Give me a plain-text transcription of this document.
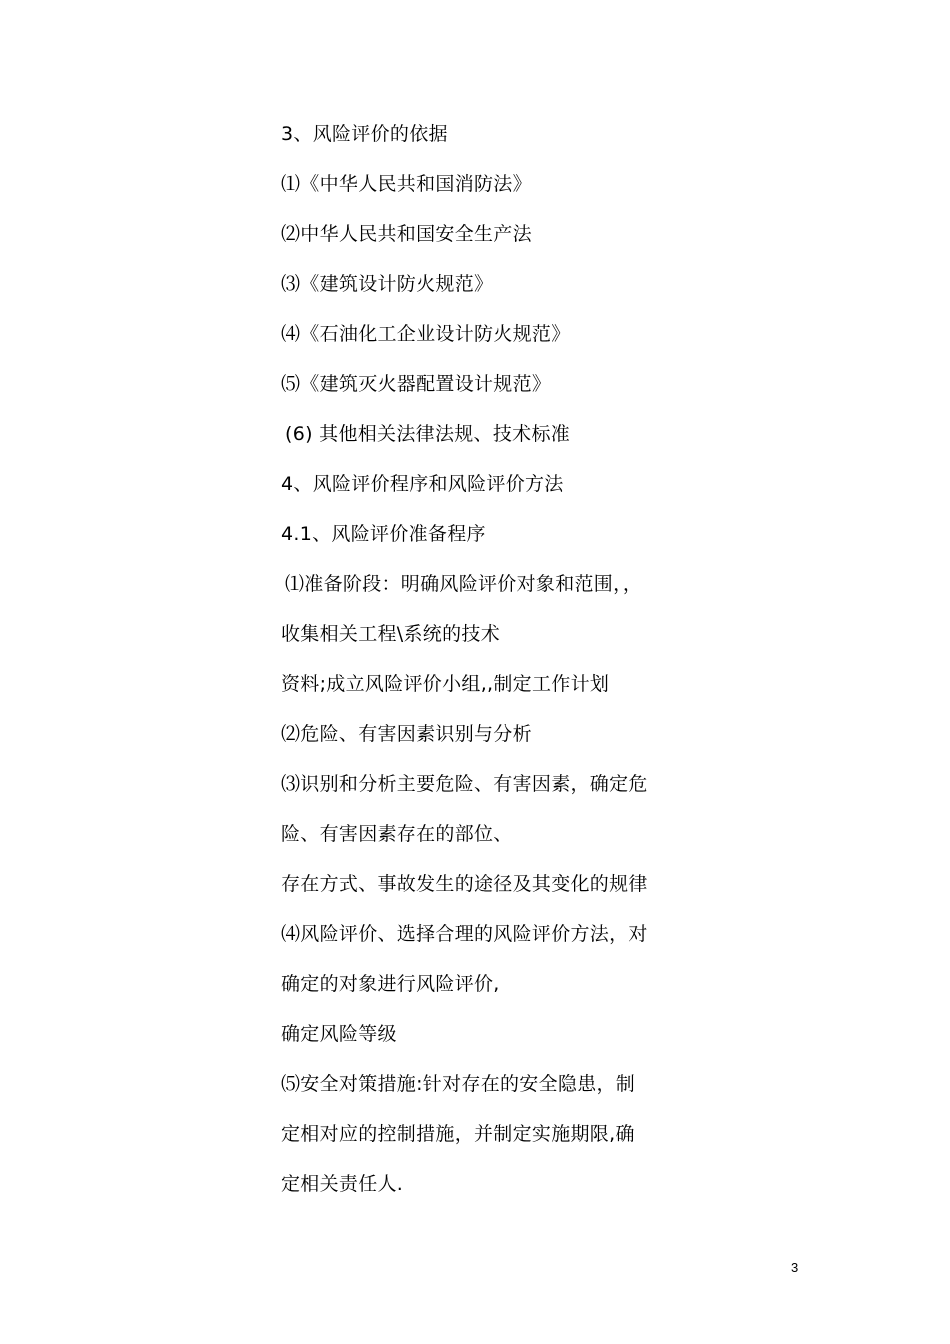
3、风险评价的依据
⑴《中华人民共和国消防法》
⑵中华人民共和国安全生产法
⑶《建筑设计防火规范》
⑷《石油化工企业设计防火规范》
⑸《建筑灭火器配置设计规范》
(6) 其他相关法律法规、技术标准
4、风险评价程序和风险评价方法
4.1、风险评价准备程序
⑴准备阶段：明确风险评价对象和范围，，
收集相关工程\系统的技术
资料;成立风险评价小组,,制定工作计划
⑵危险、有害因素识别与分析
⑶识别和分析主要危险、有害因素，确定危
险、有害因素存在的部位、
存在方式、事故发生的途径及其变化的规律
⑷风险评价、选择合理的风险评价方法，对
确定的对象进行风险评价,
确定风险等级
⑸安全对策措施:针对存在的安全隐患，制
定相对应的控制措施，并制定实施期限,确
定相关责任人.
3
